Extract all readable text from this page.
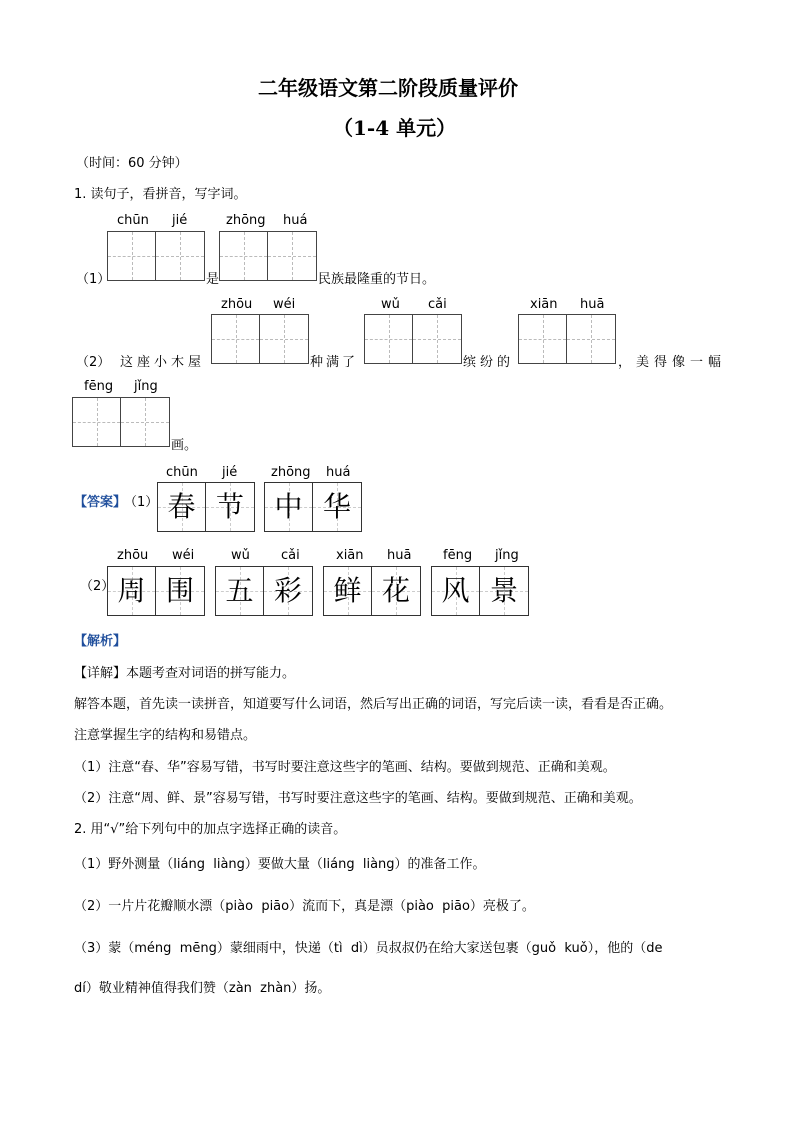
二年级语文第二阶段质量评价
（1-4 单元）
（时间：60 分钟）
1. 读句子，看拼音，写字词。
chūn jié	zhōng huá
（1）	是	民族最隆重的节日。
zhōu wéi	wǔ cǎi	xiān huā
（2） 这座小木屋	种满了	缤纷的	，美得像一幅
fēng jǐng
画。
【答案】
（1）
chūn jié	zhōng huá
春 节	中 华
（2）
zhōu wéi	wǔ cǎi	xiān huā fēng jǐng
周 围	五 彩	鲜 花	风 景
【解析】
【详解】本题考查对词语的拼写能力。
解答本题，首先读一读拼音，知道要写什么词语，然后写出正确的词语，写完后读一读，看看是否正确。
注意掌握生字的结构和易错点。
（1）注意“春、华”容易写错，书写时要注意这些字的笔画、结构。要做到规范、正确和美观。
（2）注意“周、鲜、景”容易写错，书写时要注意这些字的笔画、结构。要做到规范、正确和美观。
2. 用“√”给下列句中的加点字选择正确的读音。
（1）野外测量（liáng  liàng）要做大量（liáng  liàng）的准备工作。
（2）一片片花瓣顺水漂（piào  piāo）流而下，真是漂（piào  piāo）亮极了。
（3）蒙（méng  mēng）蒙细雨中，快递（tì  dì）员叔叔仍在给大家送包裹（guǒ  kuǒ），他的（de
dí）敬业精神值得我们赞（zàn  zhàn）扬。
